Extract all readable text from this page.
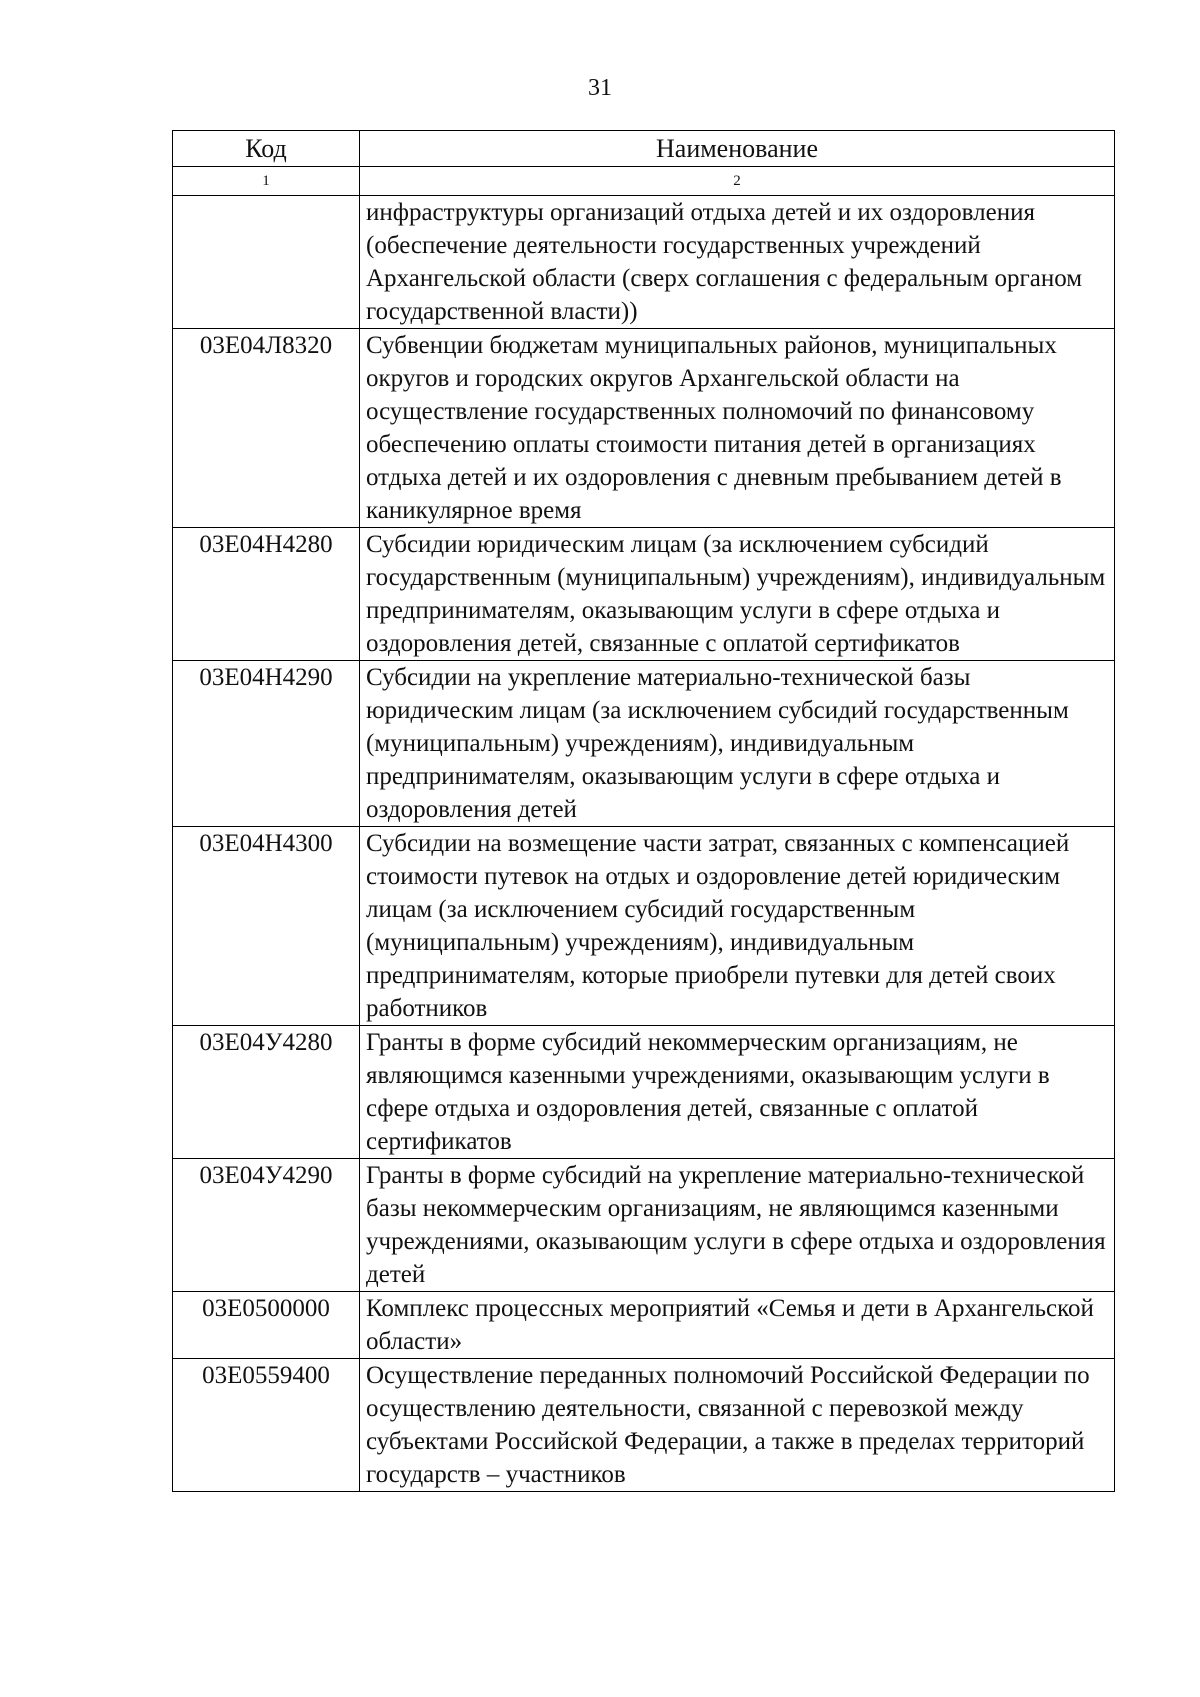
31
Код	Наименование
1	2
	инфраструктуры организаций отдыха детей и их оздоровления (обеспечение деятельности государственных учреждений Архангельской области (сверх соглашения с федеральным органом государственной власти))
03Е04Л8320	Субвенции бюджетам муниципальных районов, муниципальных округов и городских округов Архангельской области на осуществление государственных полномочий по финансовому обеспечению оплаты стоимости питания детей в организациях отдыха детей и их оздоровления с дневным пребыванием детей в каникулярное время
03Е04Н4280	Субсидии юридическим лицам (за исключением субсидий государственным (муниципальным) учреждениям), индивидуальным предпринимателям, оказывающим услуги в сфере отдыха и оздоровления детей, связанные с оплатой сертификатов
03Е04Н4290	Субсидии на укрепление материально-технической базы юридическим лицам (за исключением субсидий государственным (муниципальным) учреждениям), индивидуальным предпринимателям, оказывающим услуги в сфере отдыха и оздоровления детей
03Е04Н4300	Субсидии на возмещение части затрат, связанных с компенсацией стоимости путевок на отдых и оздоровление детей юридическим лицам (за исключением субсидий государственным (муниципальным) учреждениям), индивидуальным предпринимателям, которые приобрели путевки для детей своих работников
03Е04У4280	Гранты в форме субсидий некоммерческим организациям, не являющимся казенными учреждениями, оказывающим услуги в сфере отдыха и оздоровления детей, связанные с оплатой сертификатов
03Е04У4290	Гранты в форме субсидий на укрепление материально-технической базы некоммерческим организациям, не являющимся казенными учреждениями, оказывающим услуги в сфере отдыха и оздоровления детей
03Е0500000	Комплекс процессных мероприятий «Семья и дети в Архангельской области»
03Е0559400	Осуществление переданных полномочий Российской Федерации по осуществлению деятельности, связанной с перевозкой между субъектами Российской Федерации, а также в пределах территорий государств – участников
